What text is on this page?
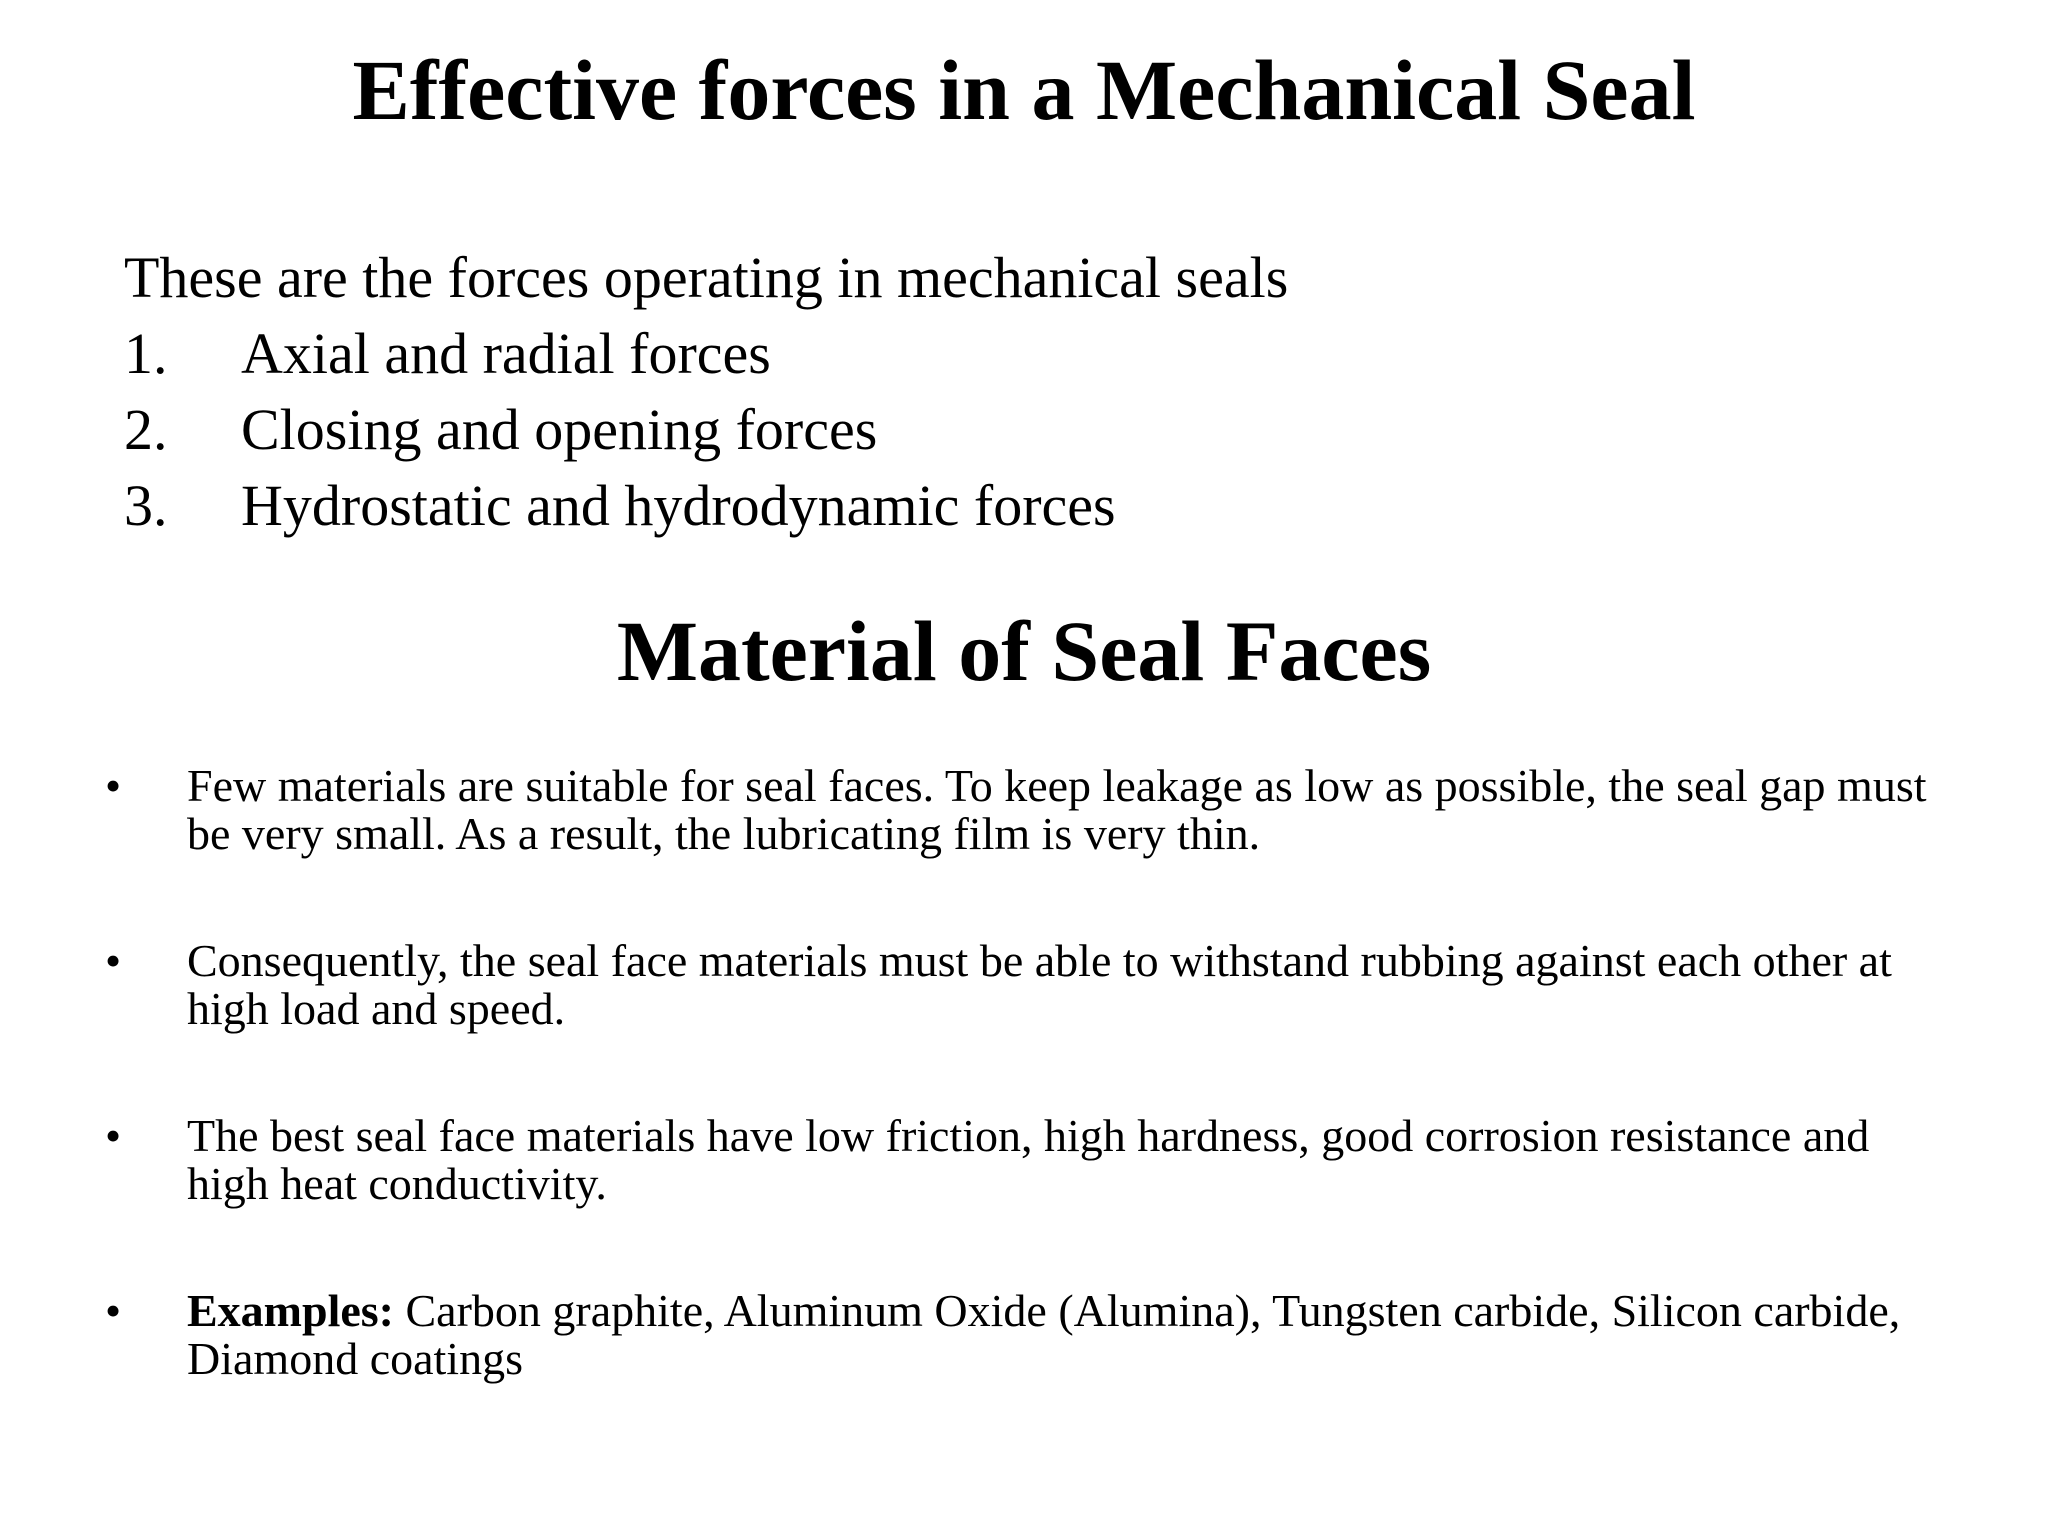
Effective forces in a Mechanical Seal

These are the forces operating in mechanical seals

1.	Axial and radial forces
2.	Closing and opening forces
3.	Hydrostatic and hydrodynamic forces
Material of Seal Faces
•	Few materials are suitable for seal faces. To keep leakage as low as possible, the seal gap must be very small. As a result, the lubricating film is very thin.
•	Consequently, the seal face materials must be able to withstand rubbing against each other at high load and speed.
•	The best seal face materials have low friction, high hardness, good corrosion resistance and high heat conductivity.
•	Examples: Carbon graphite, Aluminum Oxide (Alumina), Tungsten carbide, Silicon carbide, Diamond coatings
